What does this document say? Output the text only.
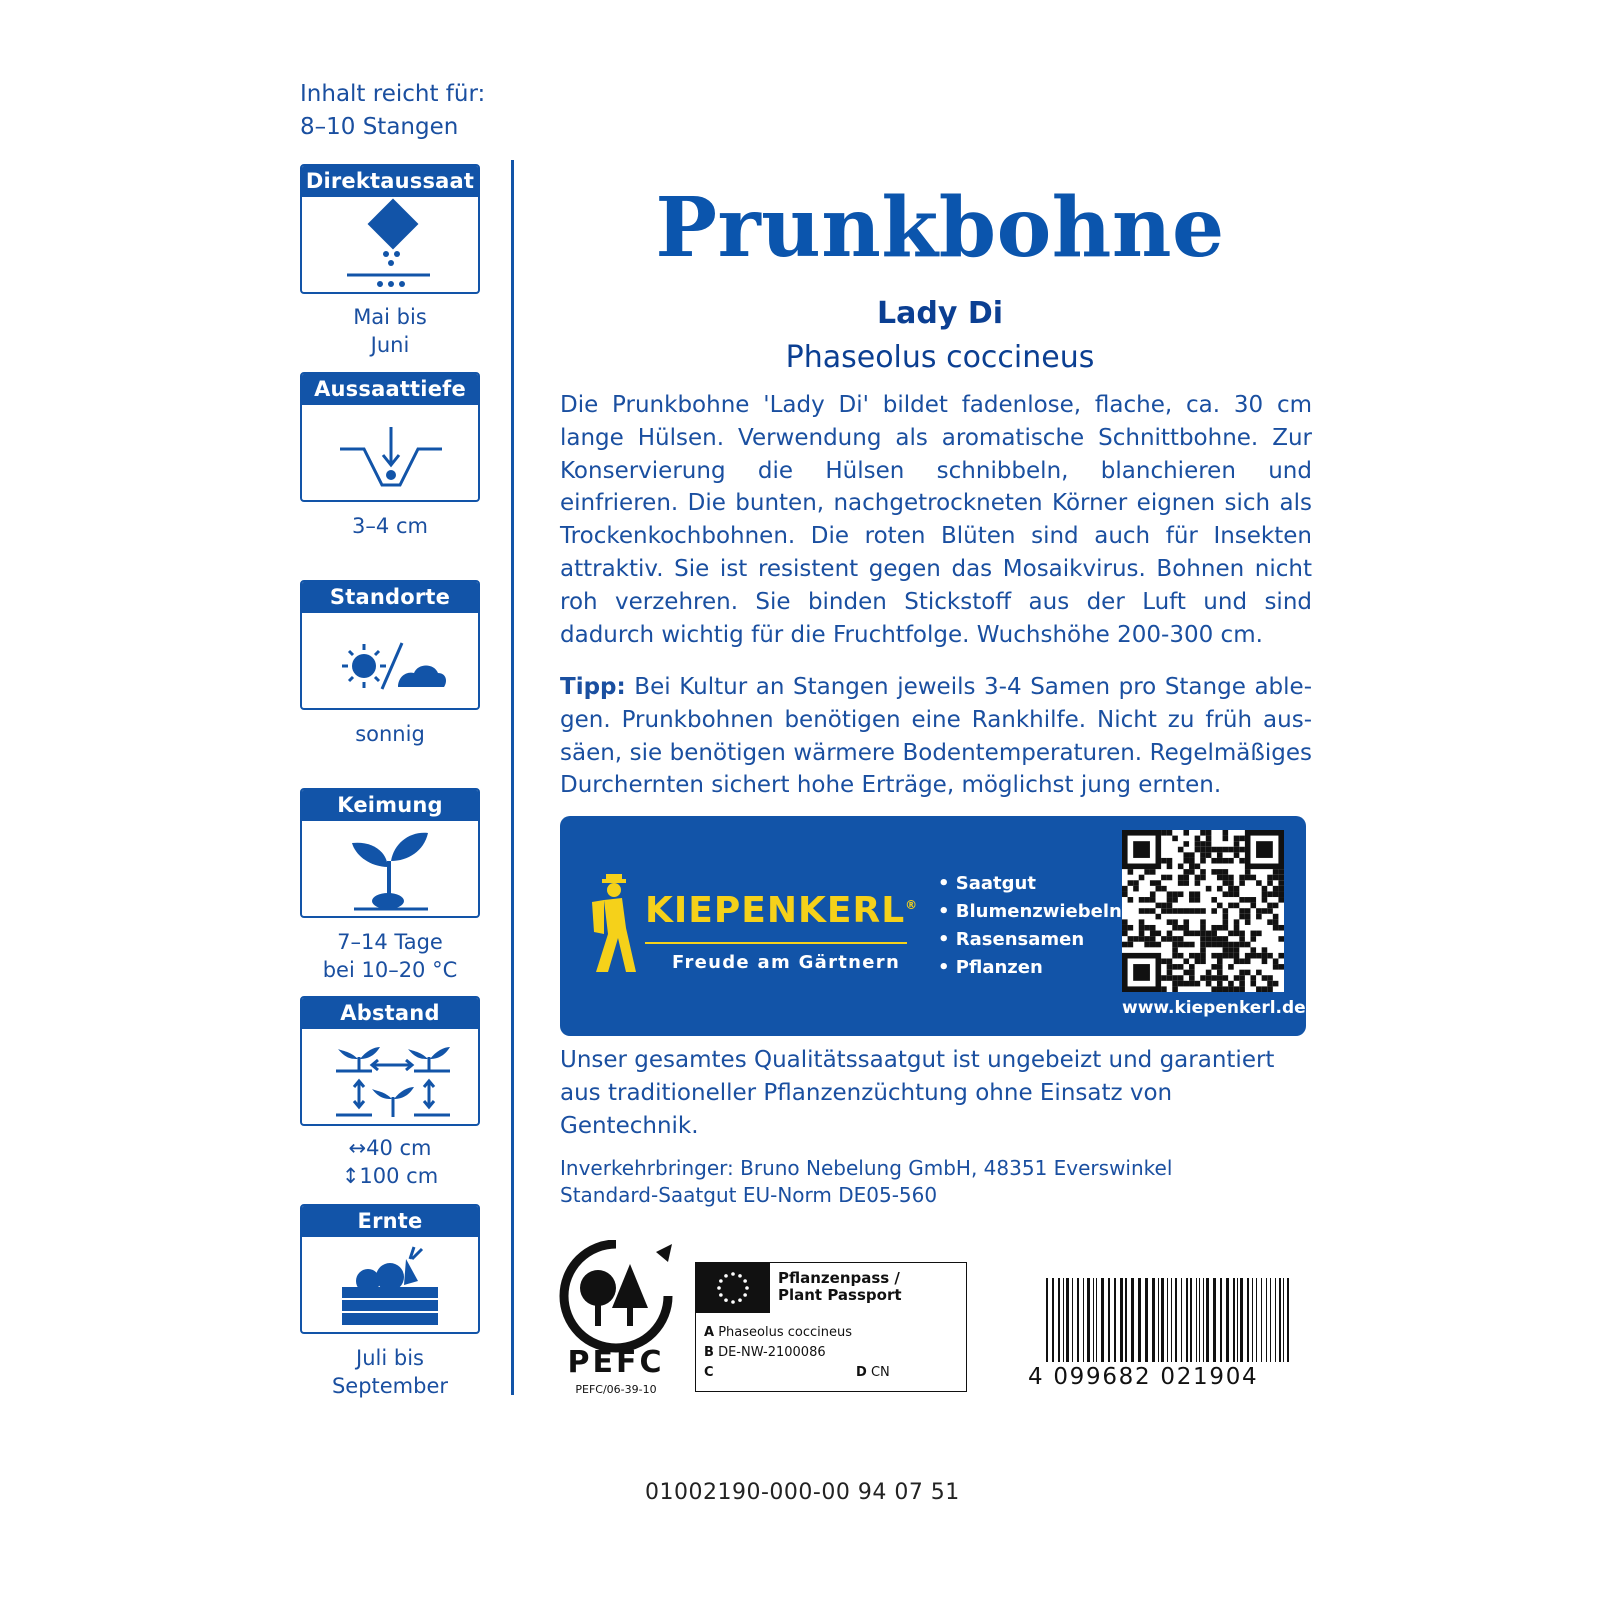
Inhalt reicht für:
8–10 Stangen
Direktaussaat
Mai bis
Juni
Aussaattiefe
3–4 cm
Standorte
sonnig
Keimung
7–14 Tage
bei 10–20 °C
Abstand
↔40 cm
↕100 cm
Ernte
Juli bis
September
Prunkbohne
Lady Di
Phaseolus coccineus
Die Prunkbohne 'Lady Di' bildet fadenlose, flache, ca. 30 cm lange Hülsen. Verwendung als aromatische Schnittbohne. Zur Konservierung die Hülsen schnibbeln, blanchieren und einfrieren. Die bunten, nachgetrockneten Körner eignen sich als Trockenkochbohnen. Die roten Blüten sind auch für Insekten attraktiv. Sie ist resistent gegen das Mosaikvirus. Bohnen nicht roh verzehren. Sie binden Stickstoff aus der Luft und sind dadurch wichtig für die Fruchtfolge. Wuchshöhe 200-300 cm.
Tipp: Bei Kultur an Stangen jeweils 3-4 Samen pro Stange ablegen. Prunkbohnen benötigen eine Rankhilfe. Nicht zu früh aussäen, sie benötigen wärmere Bodentemperaturen. Regelmäßiges Durchernten sichert hohe Erträge, möglichst jung ernten.
KIEPENKERL®
Freude am Gärtnern
• Saatgut
• Blumenzwiebeln
• Rasensamen
• Pflanzen
www.kiepenkerl.de
Unser gesamtes Qualitätssaatgut ist ungebeizt und garantiert aus traditioneller Pflanzenzüchtung ohne Einsatz von Gentechnik.
Inverkehrbringer: Bruno Nebelung GmbH, 48351 Everswinkel
Standard-Saatgut EU-Norm DE05-560
PEFC
PEFC/06-39-10
Pflanzenpass /
Plant Passport
A Phaseolus coccineus
B DE-NW-2100086
C	D CN	4 099682 021904
01002190-000-00 94 07 51
